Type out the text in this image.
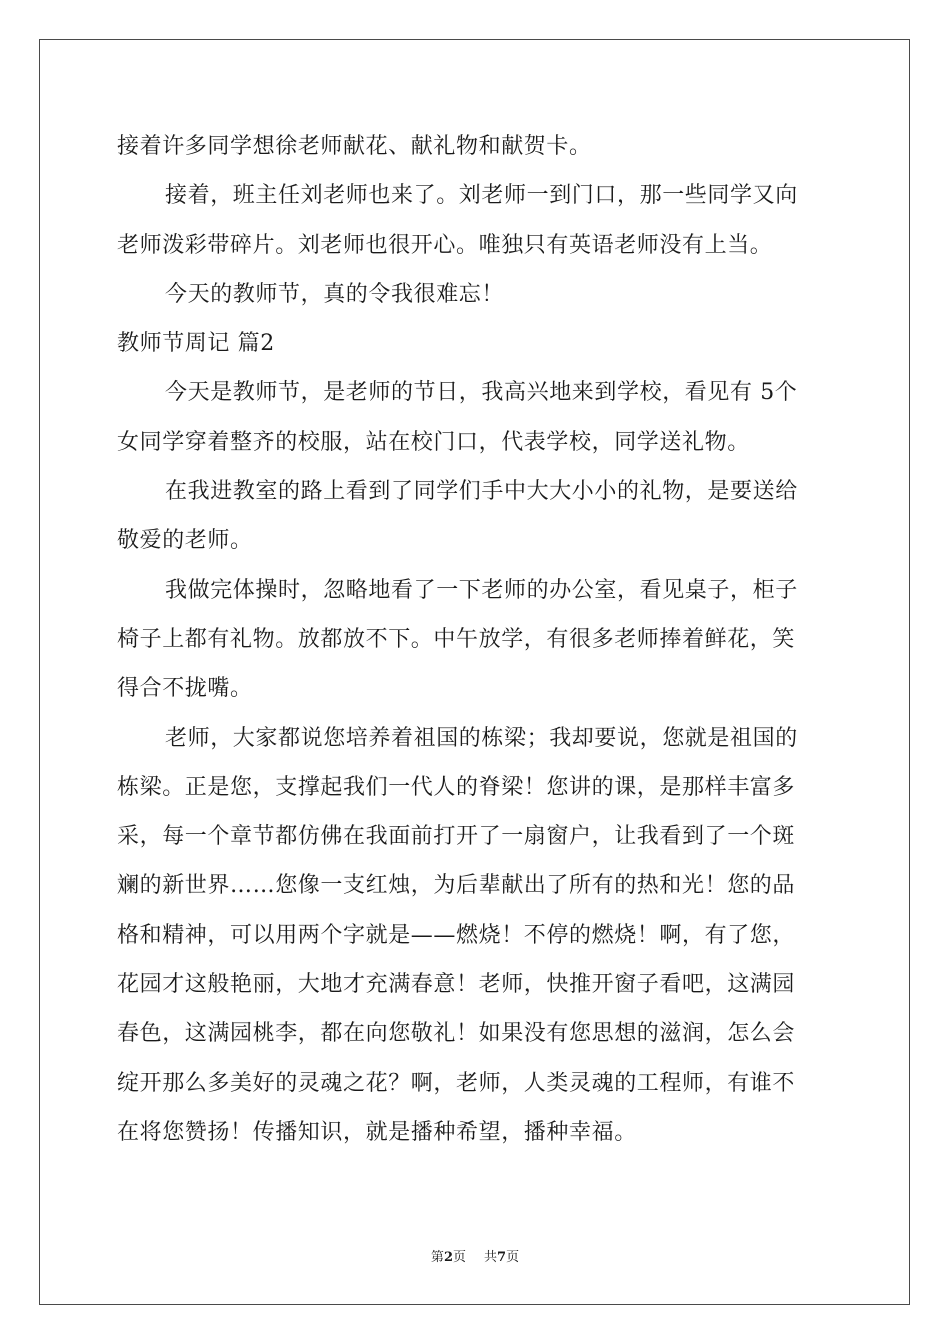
接着许多同学想徐老师献花、献礼物和献贺卡。
接着，班主任刘老师也来了。刘老师一到门口，那一些同学又向
老师泼彩带碎片。刘老师也很开心。唯独只有英语老师没有上当。
今天的教师节，真的令我很难忘！
教师节周记 篇2
今天是教师节，是老师的节日，我高兴地来到学校，看见有 5个
女同学穿着整齐的校服，站在校门口，代表学校，同学送礼物。
在我进教室的路上看到了同学们手中大大小小的礼物，是要送给
敬爱的老师。
我做完体操时，忽略地看了一下老师的办公室，看见桌子，柜子
椅子上都有礼物。放都放不下。中午放学，有很多老师捧着鲜花，笑
得合不拢嘴。
老师，大家都说您培养着祖国的栋梁；我却要说，您就是祖国的
栋梁。正是您，支撑起我们一代人的脊梁！您讲的课，是那样丰富多
采，每一个章节都仿佛在我面前打开了一扇窗户，让我看到了一个斑
斓的新世界……您像一支红烛，为后辈献出了所有的热和光！您的品
格和精神，可以用两个字就是——燃烧！不停的燃烧！啊，有了您，
花园才这般艳丽，大地才充满春意！老师，快推开窗子看吧，这满园
春色，这满园桃李，都在向您敬礼！如果没有您思想的滋润，怎么会
绽开那么多美好的灵魂之花？啊，老师，人类灵魂的工程师，有谁不
在将您赞扬！传播知识，就是播种希望，播种幸福。
第2页 共7页
